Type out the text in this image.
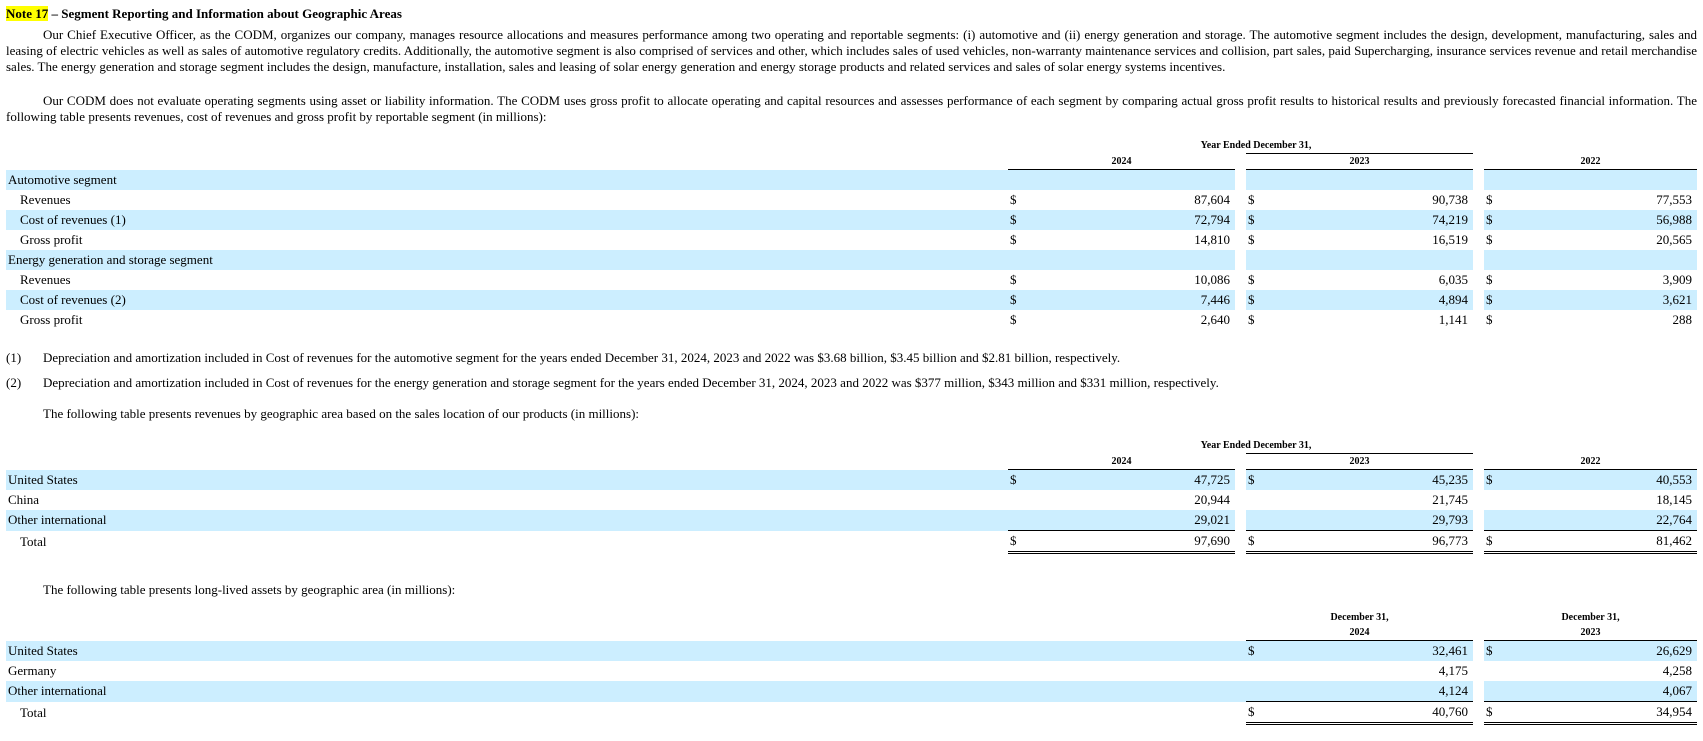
Note 17 – Segment Reporting and Information about Geographic Areas
Our Chief Executive Officer, as the CODM, organizes our company, manages resource allocations and measures performance among two operating and reportable segments: (i) automotive and (ii) energy generation and storage. The automotive segment includes the design, development, manufacturing, sales and leasing of electric vehicles as well as sales of automotive regulatory credits. Additionally, the automotive segment is also comprised of services and other, which includes sales of used vehicles, non-warranty maintenance services and collision, part sales, paid Supercharging, insurance services revenue and retail merchandise sales. The energy generation and storage segment includes the design, manufacture, installation, sales and leasing of solar energy generation and energy storage products and related services and sales of solar energy systems incentives.
Our CODM does not evaluate operating segments using asset or liability information. The CODM uses gross profit to allocate operating and capital resources and assesses performance of each segment by comparing actual gross profit results to historical results and previously forecasted financial information. The following table presents revenues, cost of revenues and gross profit by reportable segment (in millions):
	Year Ended December 31,							
	2024			2023			2022	
Automotive segment								
Revenues	$	87,604		$	90,738		$	77,553
Cost of revenues (1)	$	72,794		$	74,219		$	56,988
Gross profit	$	14,810		$	16,519		$	20,565
Energy generation and storage segment								
Revenues	$	10,086		$	6,035		$	3,909
Cost of revenues (2)	$	7,446		$	4,894		$	3,621
Gross profit	$	2,640		$	1,141		$	288
(1) Depreciation and amortization included in Cost of revenues for the automotive segment for the years ended December 31, 2024, 2023 and 2022 was $3.68 billion, $3.45 billion and $2.81 billion, respectively.
(2) Depreciation and amortization included in Cost of revenues for the energy generation and storage segment for the years ended December 31, 2024, 2023 and 2022 was $377 million, $343 million and $331 million, respectively.
The following table presents revenues by geographic area based on the sales location of our products (in millions):
	Year Ended December 31,							
	2024			2023			2022	
United States	$	47,725		$	45,235		$	40,553
China		20,944			21,745			18,145
Other international		29,021			29,793			22,764
Total	$	97,690		$	96,773		$	81,462
The following table presents long-lived assets by geographic area (in millions):
	December 31,			December 31,	
	2024			2023	
United States	$	32,461		$	26,629
Germany		4,175			4,258
Other international		4,124			4,067
Total	$	40,760		$	34,954
